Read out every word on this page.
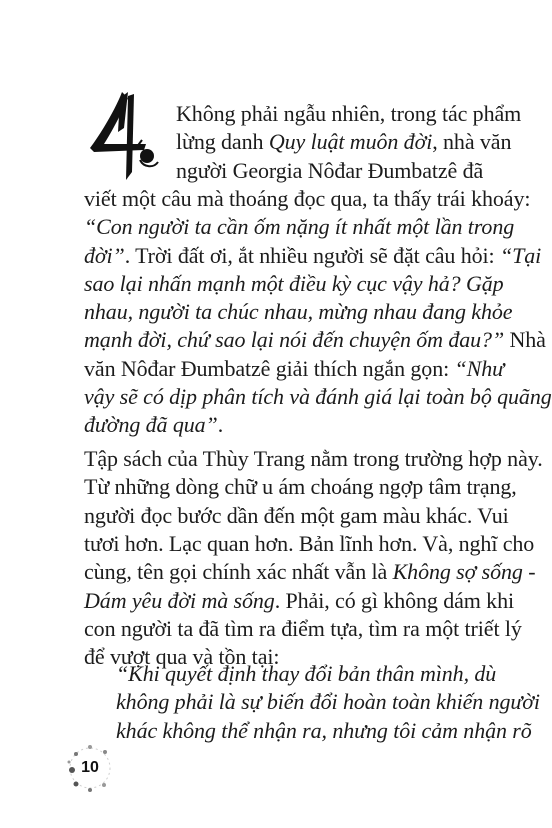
Không phải ngẫu nhiên, trong tác phẩm
lừng danh Quy luật muôn đời, nhà văn
người Georgia Nôđar Đumbatzê đã
viết một câu mà thoáng đọc qua, ta thấy trái khoáy:
“Con người ta cần ốm nặng ít nhất một lần trong
đời”. Trời đất ơi, ắt nhiều người sẽ đặt câu hỏi: “Tại
sao lại nhấn mạnh một điều kỳ cục vậy hả? Gặp
nhau, người ta chúc nhau, mừng nhau đang khỏe
mạnh đời, chứ sao lại nói đến chuyện ốm đau?” Nhà
văn Nôđar Đumbatzê giải thích ngắn gọn: “Như
vậy sẽ có dịp phân tích và đánh giá lại toàn bộ quãng
đường đã qua”.
Tập sách của Thùy Trang nằm trong trường hợp này.
Từ những dòng chữ u ám choáng ngợp tâm trạng,
người đọc bước dần đến một gam màu khác. Vui
tươi hơn. Lạc quan hơn. Bản lĩnh hơn. Và, nghĩ cho
cùng, tên gọi chính xác nhất vẫn là Không sợ sống -
Dám yêu đời mà sống. Phải, có gì không dám khi
con người ta đã tìm ra điểm tựa, tìm ra một triết lý
để vượt qua và tồn tại:
“Khi quyết định thay đổi bản thân mình, dù
không phải là sự biến đổi hoàn toàn khiến người
khác không thể nhận ra, nhưng tôi cảm nhận rõ
10
